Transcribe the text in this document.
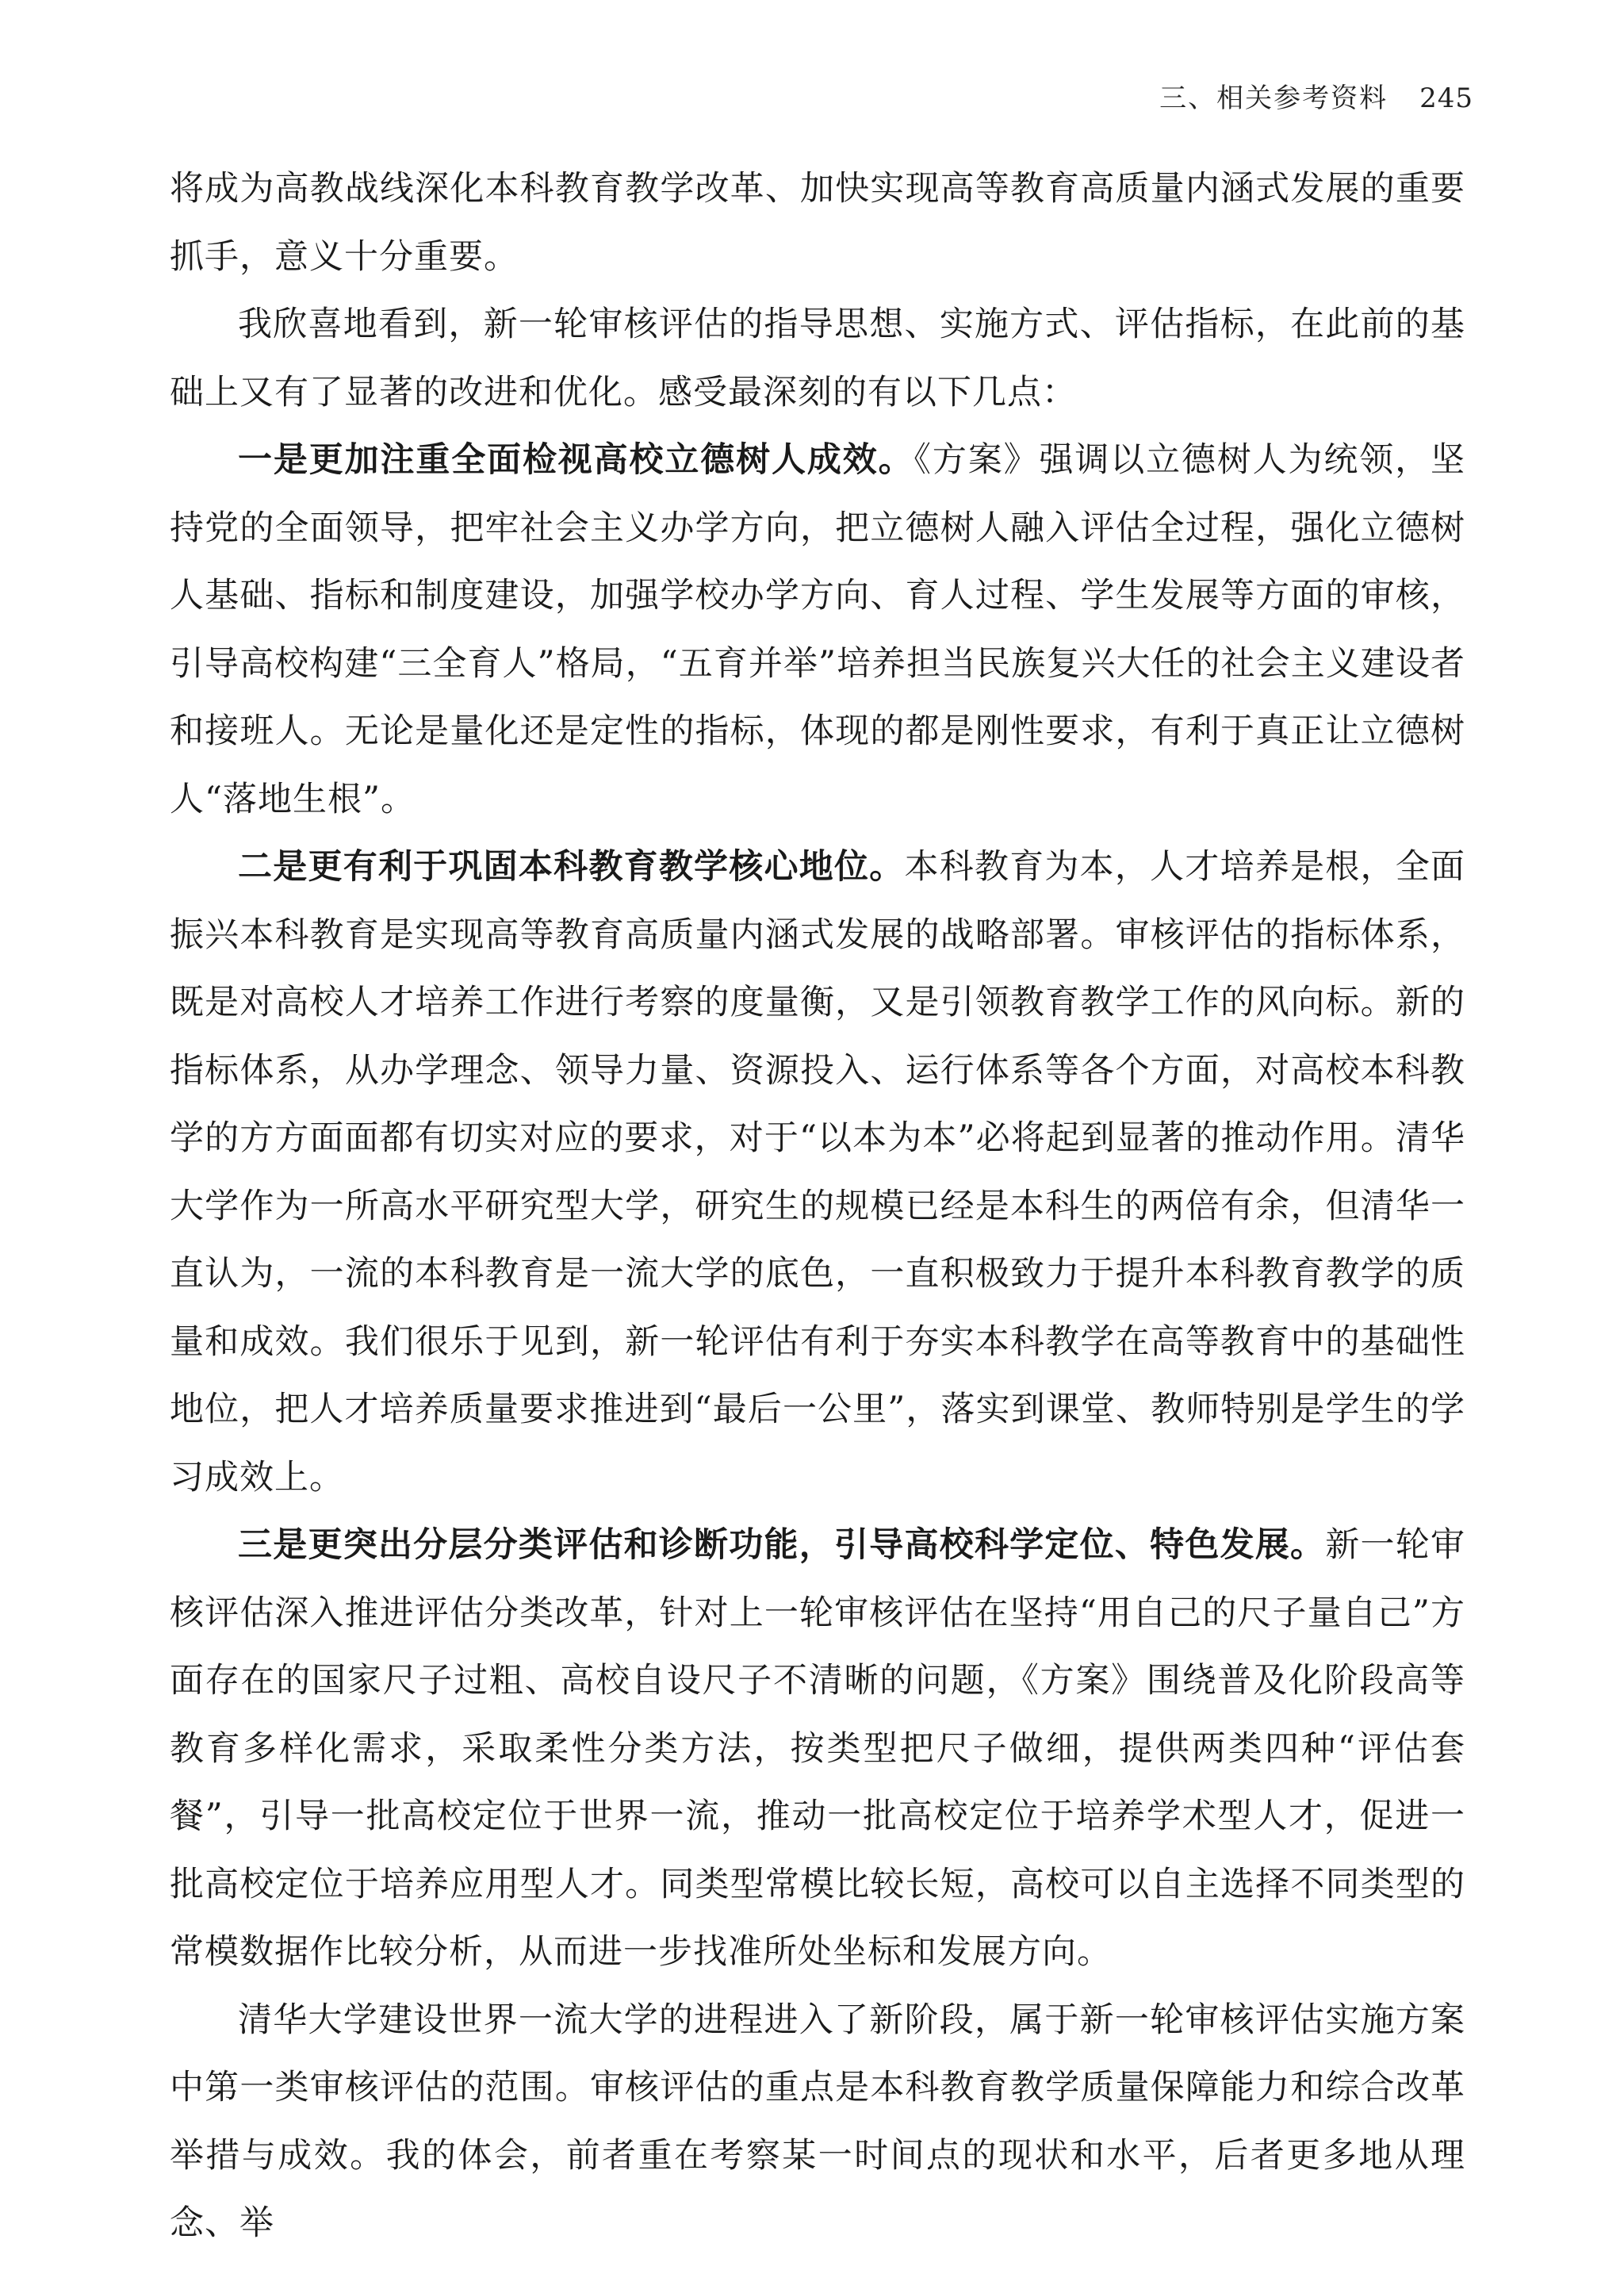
三、相关参考资料 245

将成为高教战线深化本科教育教学改革、加快实现高等教育高质量内涵式发展的重要抓手，意义十分重要。

我欣喜地看到，新一轮审核评估的指导思想、实施方式、评估指标，在此前的基础上又有了显著的改进和优化。感受最深刻的有以下几点：

一是更加注重全面检视高校立德树人成效。《方案》强调以立德树人为统领，坚持党的全面领导，把牢社会主义办学方向，把立德树人融入评估全过程，强化立德树人基础、指标和制度建设，加强学校办学方向、育人过程、学生发展等方面的审核，引导高校构建“三全育人”格局，“五育并举”培养担当民族复兴大任的社会主义建设者和接班人。无论是量化还是定性的指标，体现的都是刚性要求，有利于真正让立德树人“落地生根”。

二是更有利于巩固本科教育教学核心地位。本科教育为本，人才培养是根，全面振兴本科教育是实现高等教育高质量内涵式发展的战略部署。审核评估的指标体系，既是对高校人才培养工作进行考察的度量衡，又是引领教育教学工作的风向标。新的指标体系，从办学理念、领导力量、资源投入、运行体系等各个方面，对高校本科教学的方方面面都有切实对应的要求，对于“以本为本”必将起到显著的推动作用。清华大学作为一所高水平研究型大学，研究生的规模已经是本科生的两倍有余，但清华一直认为，一流的本科教育是一流大学的底色，一直积极致力于提升本科教育教学的质量和成效。我们很乐于见到，新一轮评估有利于夯实本科教学在高等教育中的基础性地位，把人才培养质量要求推进到“最后一公里”，落实到课堂、教师特别是学生的学习成效上。

三是更突出分层分类评估和诊断功能，引导高校科学定位、特色发展。新一轮审核评估深入推进评估分类改革，针对上一轮审核评估在坚持“用自己的尺子量自己”方面存在的国家尺子过粗、高校自设尺子不清晰的问题，《方案》围绕普及化阶段高等教育多样化需求，采取柔性分类方法，按类型把尺子做细，提供两类四种“评估套餐”，引导一批高校定位于世界一流，推动一批高校定位于培养学术型人才，促进一批高校定位于培养应用型人才。同类型常模比较长短，高校可以自主选择不同类型的常模数据作比较分析，从而进一步找准所处坐标和发展方向。

清华大学建设世界一流大学的进程进入了新阶段，属于新一轮审核评估实施方案中第一类审核评估的范围。审核评估的重点是本科教育教学质量保障能力和综合改革举措与成效。我的体会，前者重在考察某一时间点的现状和水平，后者更多地从理念、举
